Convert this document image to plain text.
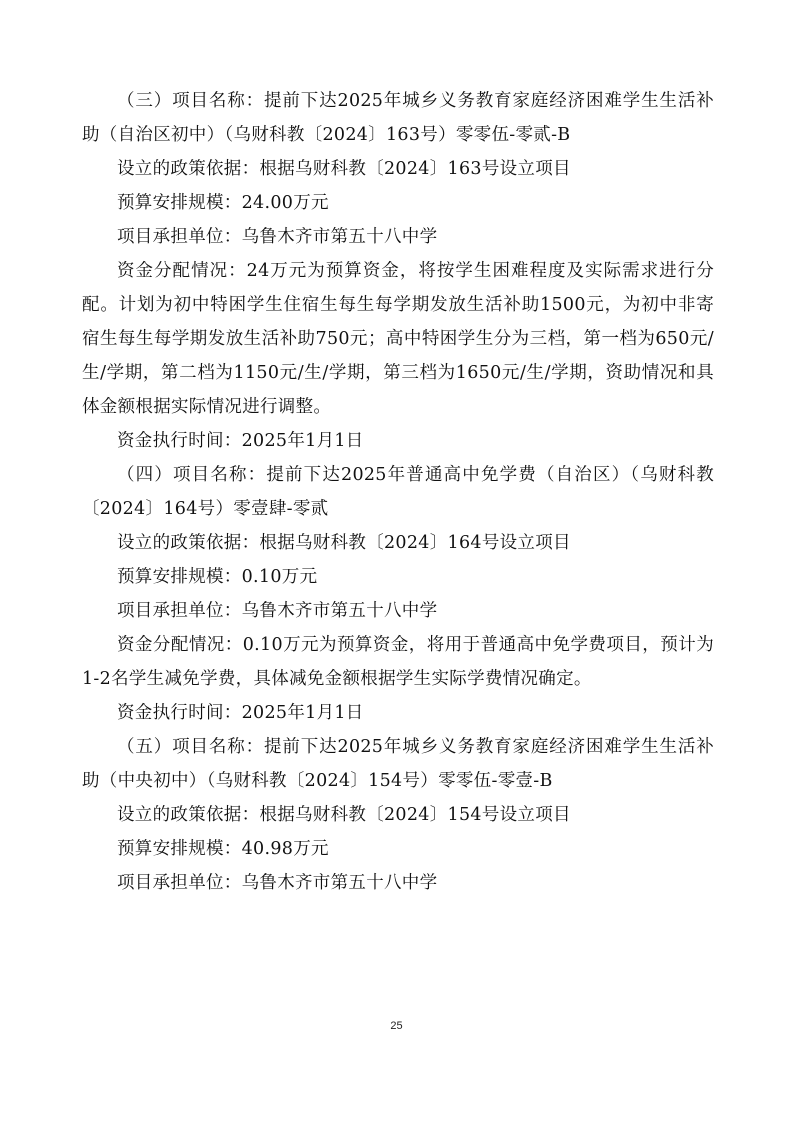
（三）项目名称：提前下达2025年城乡义务教育家庭经济困难学生生活补助（自治区初中）（乌财科教〔2024〕163号）零零伍-零贰-B

设立的政策依据：根据乌财科教〔2024〕163号设立项目

预算安排规模：24.00万元

项目承担单位：乌鲁木齐市第五十八中学

资金分配情况：24万元为预算资金，将按学生困难程度及实际需求进行分配。计划为初中特困学生住宿生每生每学期发放生活补助1500元，为初中非寄宿生每生每学期发放生活补助750元；高中特困学生分为三档，第一档为650元/生/学期，第二档为1150元/生/学期，第三档为1650元/生/学期，资助情况和具体金额根据实际情况进行调整。

资金执行时间：2025年1月1日

（四）项目名称：提前下达2025年普通高中免学费（自治区）（乌财科教〔2024〕164号）零壹肆-零贰

设立的政策依据：根据乌财科教〔2024〕164号设立项目

预算安排规模：0.10万元

项目承担单位：乌鲁木齐市第五十八中学

资金分配情况：0.10万元为预算资金，将用于普通高中免学费项目，预计为1-2名学生减免学费，具体减免金额根据学生实际学费情况确定。

资金执行时间：2025年1月1日

（五）项目名称：提前下达2025年城乡义务教育家庭经济困难学生生活补助（中央初中）（乌财科教〔2024〕154号）零零伍-零壹-B

设立的政策依据：根据乌财科教〔2024〕154号设立项目

预算安排规模：40.98万元

项目承担单位：乌鲁木齐市第五十八中学

25
